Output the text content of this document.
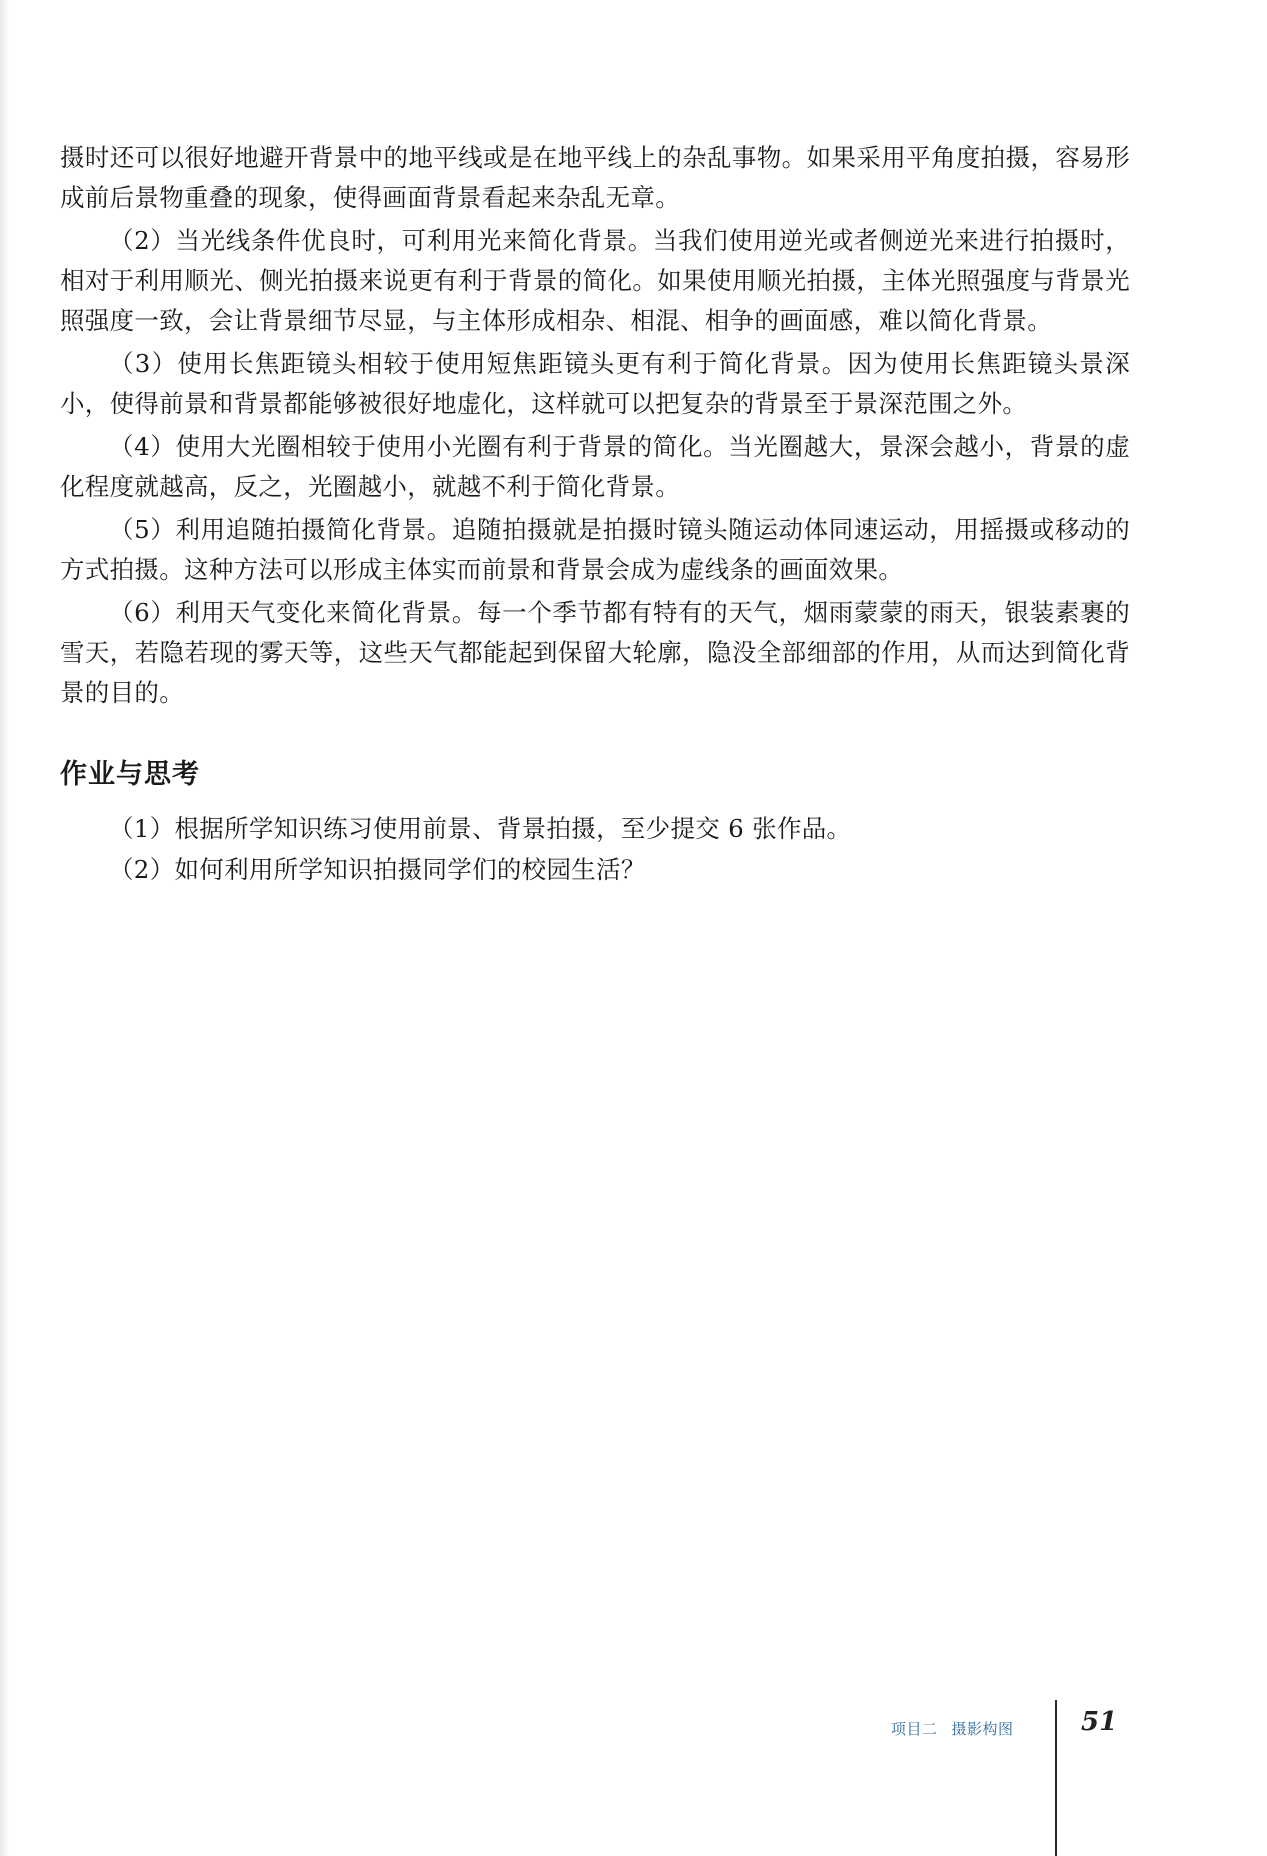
摄时还可以很好地避开背景中的地平线或是在地平线上的杂乱事物。如果采用平角度拍摄，容易形成前后景物重叠的现象，使得画面背景看起来杂乱无章。

（2）当光线条件优良时，可利用光来简化背景。当我们使用逆光或者侧逆光来进行拍摄时，相对于利用顺光、侧光拍摄来说更有利于背景的简化。如果使用顺光拍摄，主体光照强度与背景光照强度一致，会让背景细节尽显，与主体形成相杂、相混、相争的画面感，难以简化背景。

（3）使用长焦距镜头相较于使用短焦距镜头更有利于简化背景。因为使用长焦距镜头景深小，使得前景和背景都能够被很好地虚化，这样就可以把复杂的背景至于景深范围之外。

（4）使用大光圈相较于使用小光圈有利于背景的简化。当光圈越大，景深会越小，背景的虚化程度就越高，反之，光圈越小，就越不利于简化背景。

（5）利用追随拍摄简化背景。追随拍摄就是拍摄时镜头随运动体同速运动，用摇摄或移动的方式拍摄。这种方法可以形成主体实而前景和背景会成为虚线条的画面效果。

（6）利用天气变化来简化背景。每一个季节都有特有的天气，烟雨蒙蒙的雨天，银装素裹的雪天，若隐若现的雾天等，这些天气都能起到保留大轮廓，隐没全部细部的作用，从而达到简化背景的目的。

作业与思考

（1）根据所学知识练习使用前景、背景拍摄，至少提交 6 张作品。

（2）如何利用所学知识拍摄同学们的校园生活？

项目二 摄影构图	51
